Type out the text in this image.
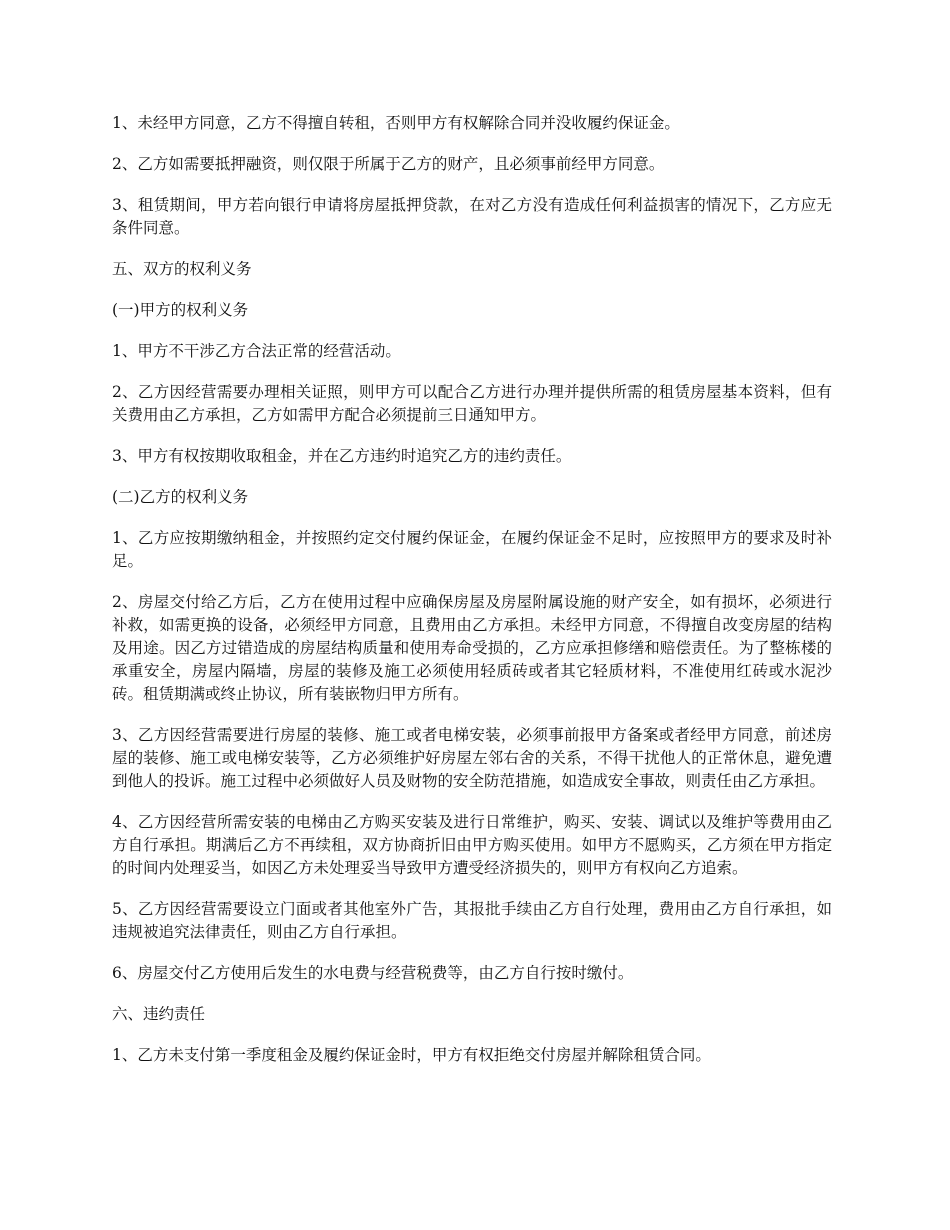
1、未经甲方同意，乙方不得擅自转租，否则甲方有权解除合同并没收履约保证金。

2、乙方如需要抵押融资，则仅限于所属于乙方的财产，且必须事前经甲方同意。

3、租赁期间，甲方若向银行申请将房屋抵押贷款，在对乙方没有造成任何利益损害的情况下，乙方应无条件同意。

五、双方的权利义务

(一)甲方的权利义务

1、甲方不干涉乙方合法正常的经营活动。

2、乙方因经营需要办理相关证照，则甲方可以配合乙方进行办理并提供所需的租赁房屋基本资料，但有关费用由乙方承担，乙方如需甲方配合必须提前三日通知甲方。

3、甲方有权按期收取租金，并在乙方违约时追究乙方的违约责任。

(二)乙方的权利义务

1、乙方应按期缴纳租金，并按照约定交付履约保证金，在履约保证金不足时，应按照甲方的要求及时补足。

2、房屋交付给乙方后，乙方在使用过程中应确保房屋及房屋附属设施的财产安全，如有损坏，必须进行补救，如需更换的设备，必须经甲方同意，且费用由乙方承担。未经甲方同意，不得擅自改变房屋的结构及用途。因乙方过错造成的房屋结构质量和使用寿命受损的，乙方应承担修缮和赔偿责任。为了整栋楼的承重安全，房屋内隔墙，房屋的装修及施工必须使用轻质砖或者其它轻质材料，不准使用红砖或水泥沙砖。租赁期满或终止协议，所有装嵌物归甲方所有。

3、乙方因经营需要进行房屋的装修、施工或者电梯安装，必须事前报甲方备案或者经甲方同意，前述房屋的装修、施工或电梯安装等，乙方必须维护好房屋左邻右舍的关系，不得干扰他人的正常休息，避免遭到他人的投诉。施工过程中必须做好人员及财物的安全防范措施，如造成安全事故，则责任由乙方承担。

4、乙方因经营所需安装的电梯由乙方购买安装及进行日常维护，购买、安装、调试以及维护等费用由乙方自行承担。期满后乙方不再续租，双方协商折旧由甲方购买使用。如甲方不愿购买，乙方须在甲方指定的时间内处理妥当，如因乙方未处理妥当导致甲方遭受经济损失的，则甲方有权向乙方追索。

5、乙方因经营需要设立门面或者其他室外广告，其报批手续由乙方自行处理，费用由乙方自行承担，如违规被追究法律责任，则由乙方自行承担。

6、房屋交付乙方使用后发生的水电费与经营税费等，由乙方自行按时缴付。

六、违约责任

1、乙方未支付第一季度租金及履约保证金时，甲方有权拒绝交付房屋并解除租赁合同。
